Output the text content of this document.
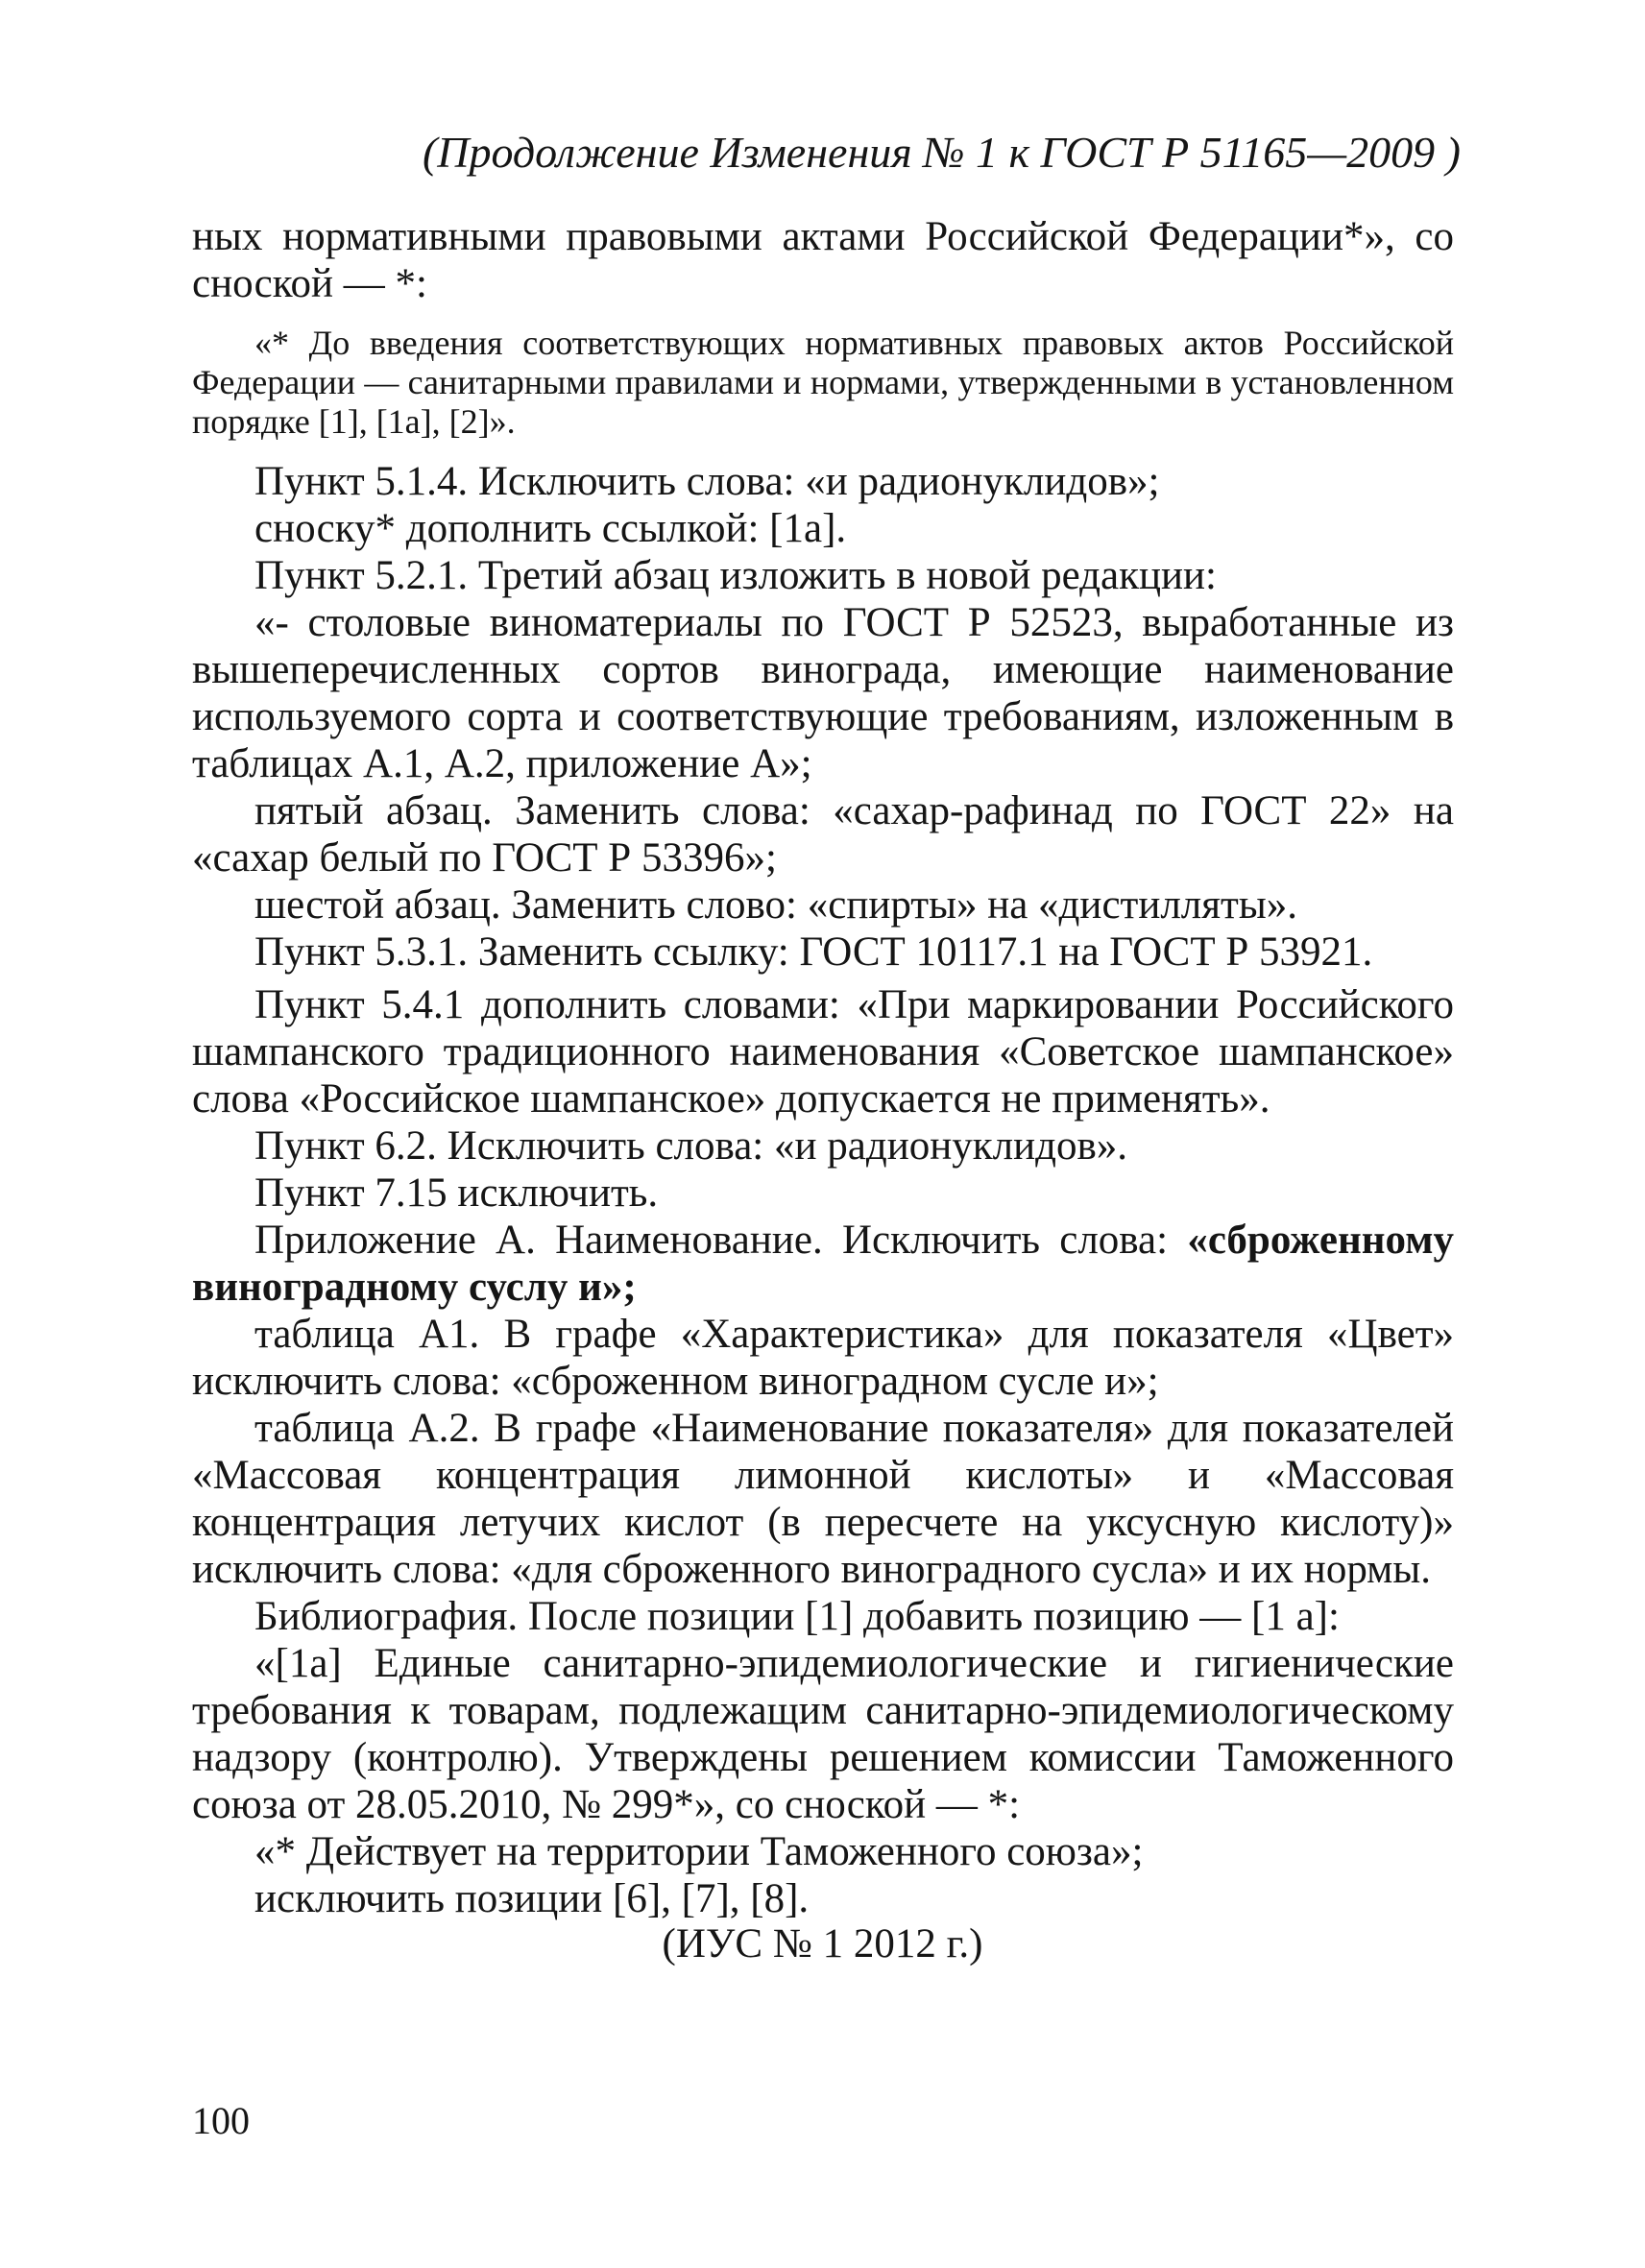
(Продолжение Изменения № 1 к ГОСТ Р 51165—2009 )

ных нормативными правовыми актами Российской Федерации*», со сноской — *:

«* До введения соответствующих нормативных правовых актов Российской Федерации — санитарными правилами и нормами, утвержденными в установленном порядке [1], [1а], [2]».

Пункт 5.1.4. Исключить слова: «и радионуклидов»;

сноску* дополнить ссылкой: [1а].

Пункт 5.2.1. Третий абзац изложить в новой редакции:

«- столовые виноматериалы по ГОСТ Р 52523, выработанные из вышеперечисленных сортов винограда, имеющие наименование используемого сорта и соответствующие требованиям, изложенным в таблицах А.1, А.2, приложение А»;

пятый абзац. Заменить слова: «сахар-рафинад по ГОСТ 22» на «сахар белый по ГОСТ Р 53396»;

шестой абзац. Заменить слово: «спирты» на «дистилляты».

Пункт 5.3.1. Заменить ссылку: ГОСТ 10117.1 на ГОСТ Р 53921.

Пункт 5.4.1 дополнить словами: «При маркировании Российского шампанского традиционного наименования «Советское шампанское» слова «Российское шампанское» допускается не применять».

Пункт 6.2. Исключить слова: «и радионуклидов».

Пункт 7.15 исключить.

Приложение А. Наименование. Исключить слова: «сброженному виноградному суслу и»;

таблица А1. В графе «Характеристика» для показателя «Цвет» исключить слова: «сброженном виноградном сусле и»;

таблица А.2. В графе «Наименование показателя» для показателей «Массовая концентрация лимонной кислоты» и «Массовая концентрация летучих кислот (в пересчете на уксусную кислоту)» исключить слова: «для сброженного виноградного сусла» и их нормы.

Библиография. После позиции [1] добавить позицию — [1 а]:

«[1а] Единые санитарно-эпидемиологические и гигиенические требования к товарам, подлежащим санитарно-эпидемиологическому надзору (контролю). Утверждены решением комиссии Таможенного союза от 28.05.2010, № 299*», со сноской — *:

«* Действует на территории Таможенного союза»;

исключить позиции [6], [7], [8].

(ИУС № 1 2012 г.)
100
